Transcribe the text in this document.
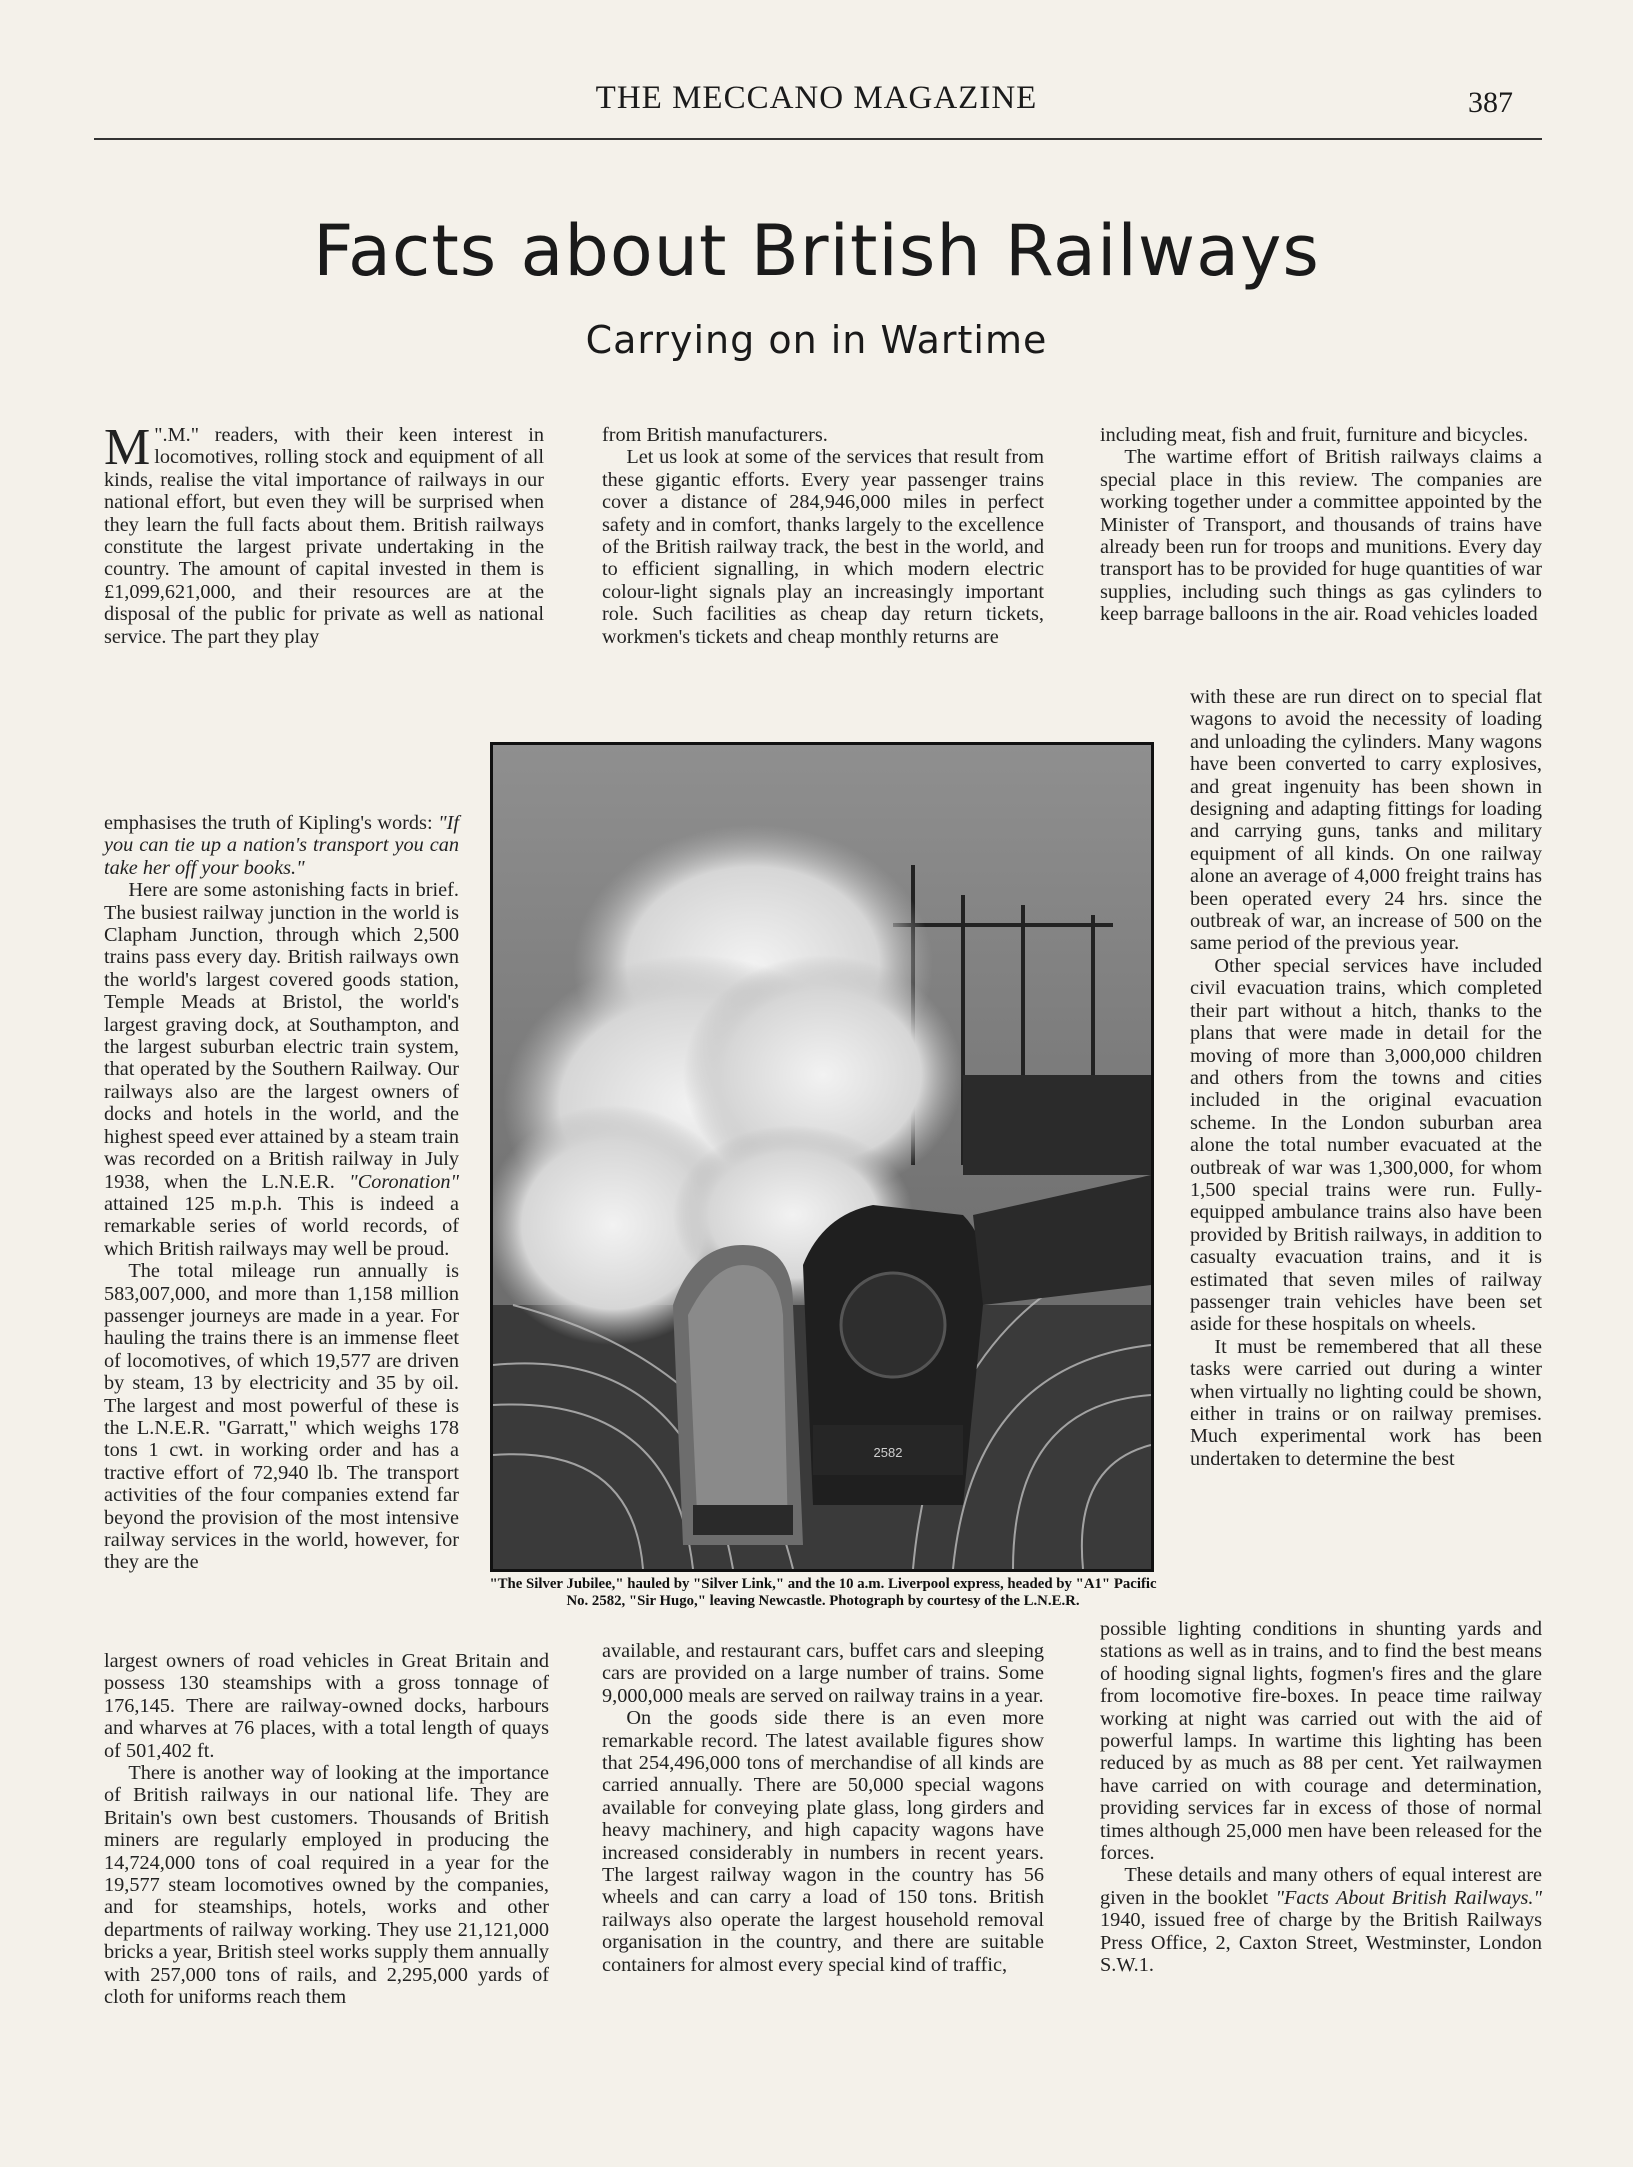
THE MECCANO MAGAZINE	387
Facts about British Railways
Carrying on in Wartime

M ".M." readers, with their keen interest in locomotives, rolling stock and equipment of all kinds, realise the vital importance of railways in our national effort, but even they will be surprised when they learn the full facts about them. British railways constitute the largest private undertaking in the country. The amount of capital invested in them is £1,099,621,000, and their resources are at the disposal of the public for private as well as national service. The part they play

emphasises the truth of Kipling's words: "If you can tie up a nation's transport you can take her off your books."

Here are some astonishing facts in brief. The busiest railway junction in the world is Clapham Junction, through which 2,500 trains pass every day. British railways own the world's largest covered goods station, Temple Meads at Bristol, the world's largest graving dock, at Southampton, and the largest suburban electric train system, that operated by the Southern Railway. Our railways also are the largest owners of docks and hotels in the world, and the highest speed ever attained by a steam train was recorded on a British railway in July 1938, when the L.N.E.R. "Coronation" attained 125 m.p.h. This is indeed a remarkable series of world records, of which British railways may well be proud.

The total mileage run annually is 583,007,000, and more than 1,158 million passenger journeys are made in a year. For hauling the trains there is an immense fleet of locomotives, of which 19,577 are driven by steam, 13 by electricity and 35 by oil. The largest and most powerful of these is the L.N.E.R. "Garratt," which weighs 178 tons 1 cwt. in working order and has a tractive effort of 72,940 lb. The transport activities of the four companies extend far beyond the provision of the most intensive railway services in the world, however, for they are the

largest owners of road vehicles in Great Britain and possess 130 steamships with a gross tonnage of 176,145. There are railway-owned docks, harbours and wharves at 76 places, with a total length of quays of 501,402 ft.

There is another way of looking at the importance of British railways in our national life. They are Britain's own best customers. Thousands of British miners are regularly employed in producing the 14,724,000 tons of coal required in a year for the 19,577 steam locomotives owned by the companies, and for steamships, hotels, works and other departments of railway working. They use 21,121,000 bricks a year, British steel works supply them annually with 257,000 tons of rails, and 2,295,000 yards of cloth for uniforms reach them

from British manufacturers.

Let us look at some of the services that result from these gigantic efforts. Every year passenger trains cover a distance of 284,946,000 miles in perfect safety and in comfort, thanks largely to the excellence of the British railway track, the best in the world, and to efficient signalling, in which modern electric colour-light signals play an increasingly important role. Such facilities as cheap day return tickets, workmen's tickets and cheap monthly returns are

available, and restaurant cars, buffet cars and sleeping cars are provided on a large number of trains. Some 9,000,000 meals are served on railway trains in a year.

On the goods side there is an even more remarkable record. The latest available figures show that 254,496,000 tons of merchandise of all kinds are carried annually. There are 50,000 special wagons available for conveying plate glass, long girders and heavy machinery, and high capacity wagons have increased considerably in numbers in recent years. The largest railway wagon in the country has 56 wheels and can carry a load of 150 tons. British railways also operate the largest household removal organisation in the country, and there are suitable containers for almost every special kind of traffic,

including meat, fish and fruit, furniture and bicycles.

The wartime effort of British railways claims a special place in this review. The companies are working together under a committee appointed by the Minister of Transport, and thousands of trains have already been run for troops and munitions. Every day transport has to be provided for huge quantities of war supplies, including such things as gas cylinders to keep barrage balloons in the air. Road vehicles loaded

with these are run direct on to special flat wagons to avoid the necessity of loading and unloading the cylinders. Many wagons have been converted to carry explosives, and great ingenuity has been shown in designing and adapting fittings for loading and carrying guns, tanks and military equipment of all kinds. On one railway alone an average of 4,000 freight trains has been operated every 24 hrs. since the outbreak of war, an increase of 500 on the same period of the previous year.

Other special services have included civil evacuation trains, which completed their part without a hitch, thanks to the plans that were made in detail for the moving of more than 3,000,000 children and others from the towns and cities included in the original evacuation scheme. In the London suburban area alone the total number evacuated at the outbreak of war was 1,300,000, for whom 1,500 special trains were run. Fully-equipped ambulance trains also have been provided by British railways, in addition to casualty evacuation trains, and it is estimated that seven miles of railway passenger train vehicles have been set aside for these hospitals on wheels.

It must be remembered that all these tasks were carried out during a winter when virtually no lighting could be shown, either in trains or on railway premises. Much experimental work has been undertaken to determine the best

possible lighting conditions in shunting yards and stations as well as in trains, and to find the best means of hooding signal lights, fogmen's fires and the glare from locomotive fire-boxes. In peace time railway working at night was carried out with the aid of powerful lamps. In wartime this lighting has been reduced by as much as 88 per cent. Yet railwaymen have carried on with courage and determination, providing services far in excess of those of normal times although 25,000 men have been released for the forces.

These details and many others of equal interest are given in the booklet "Facts About British Railways." 1940, issued free of charge by the British Railways Press Office, 2, Caxton Street, Westminster, London S.W.1.

2582
"The Silver Jubilee," hauled by "Silver Link," and the 10 a.m. Liverpool express, headed by "A1" Pacific No. 2582, "Sir Hugo," leaving Newcastle. Photograph by courtesy of the L.N.E.R.
